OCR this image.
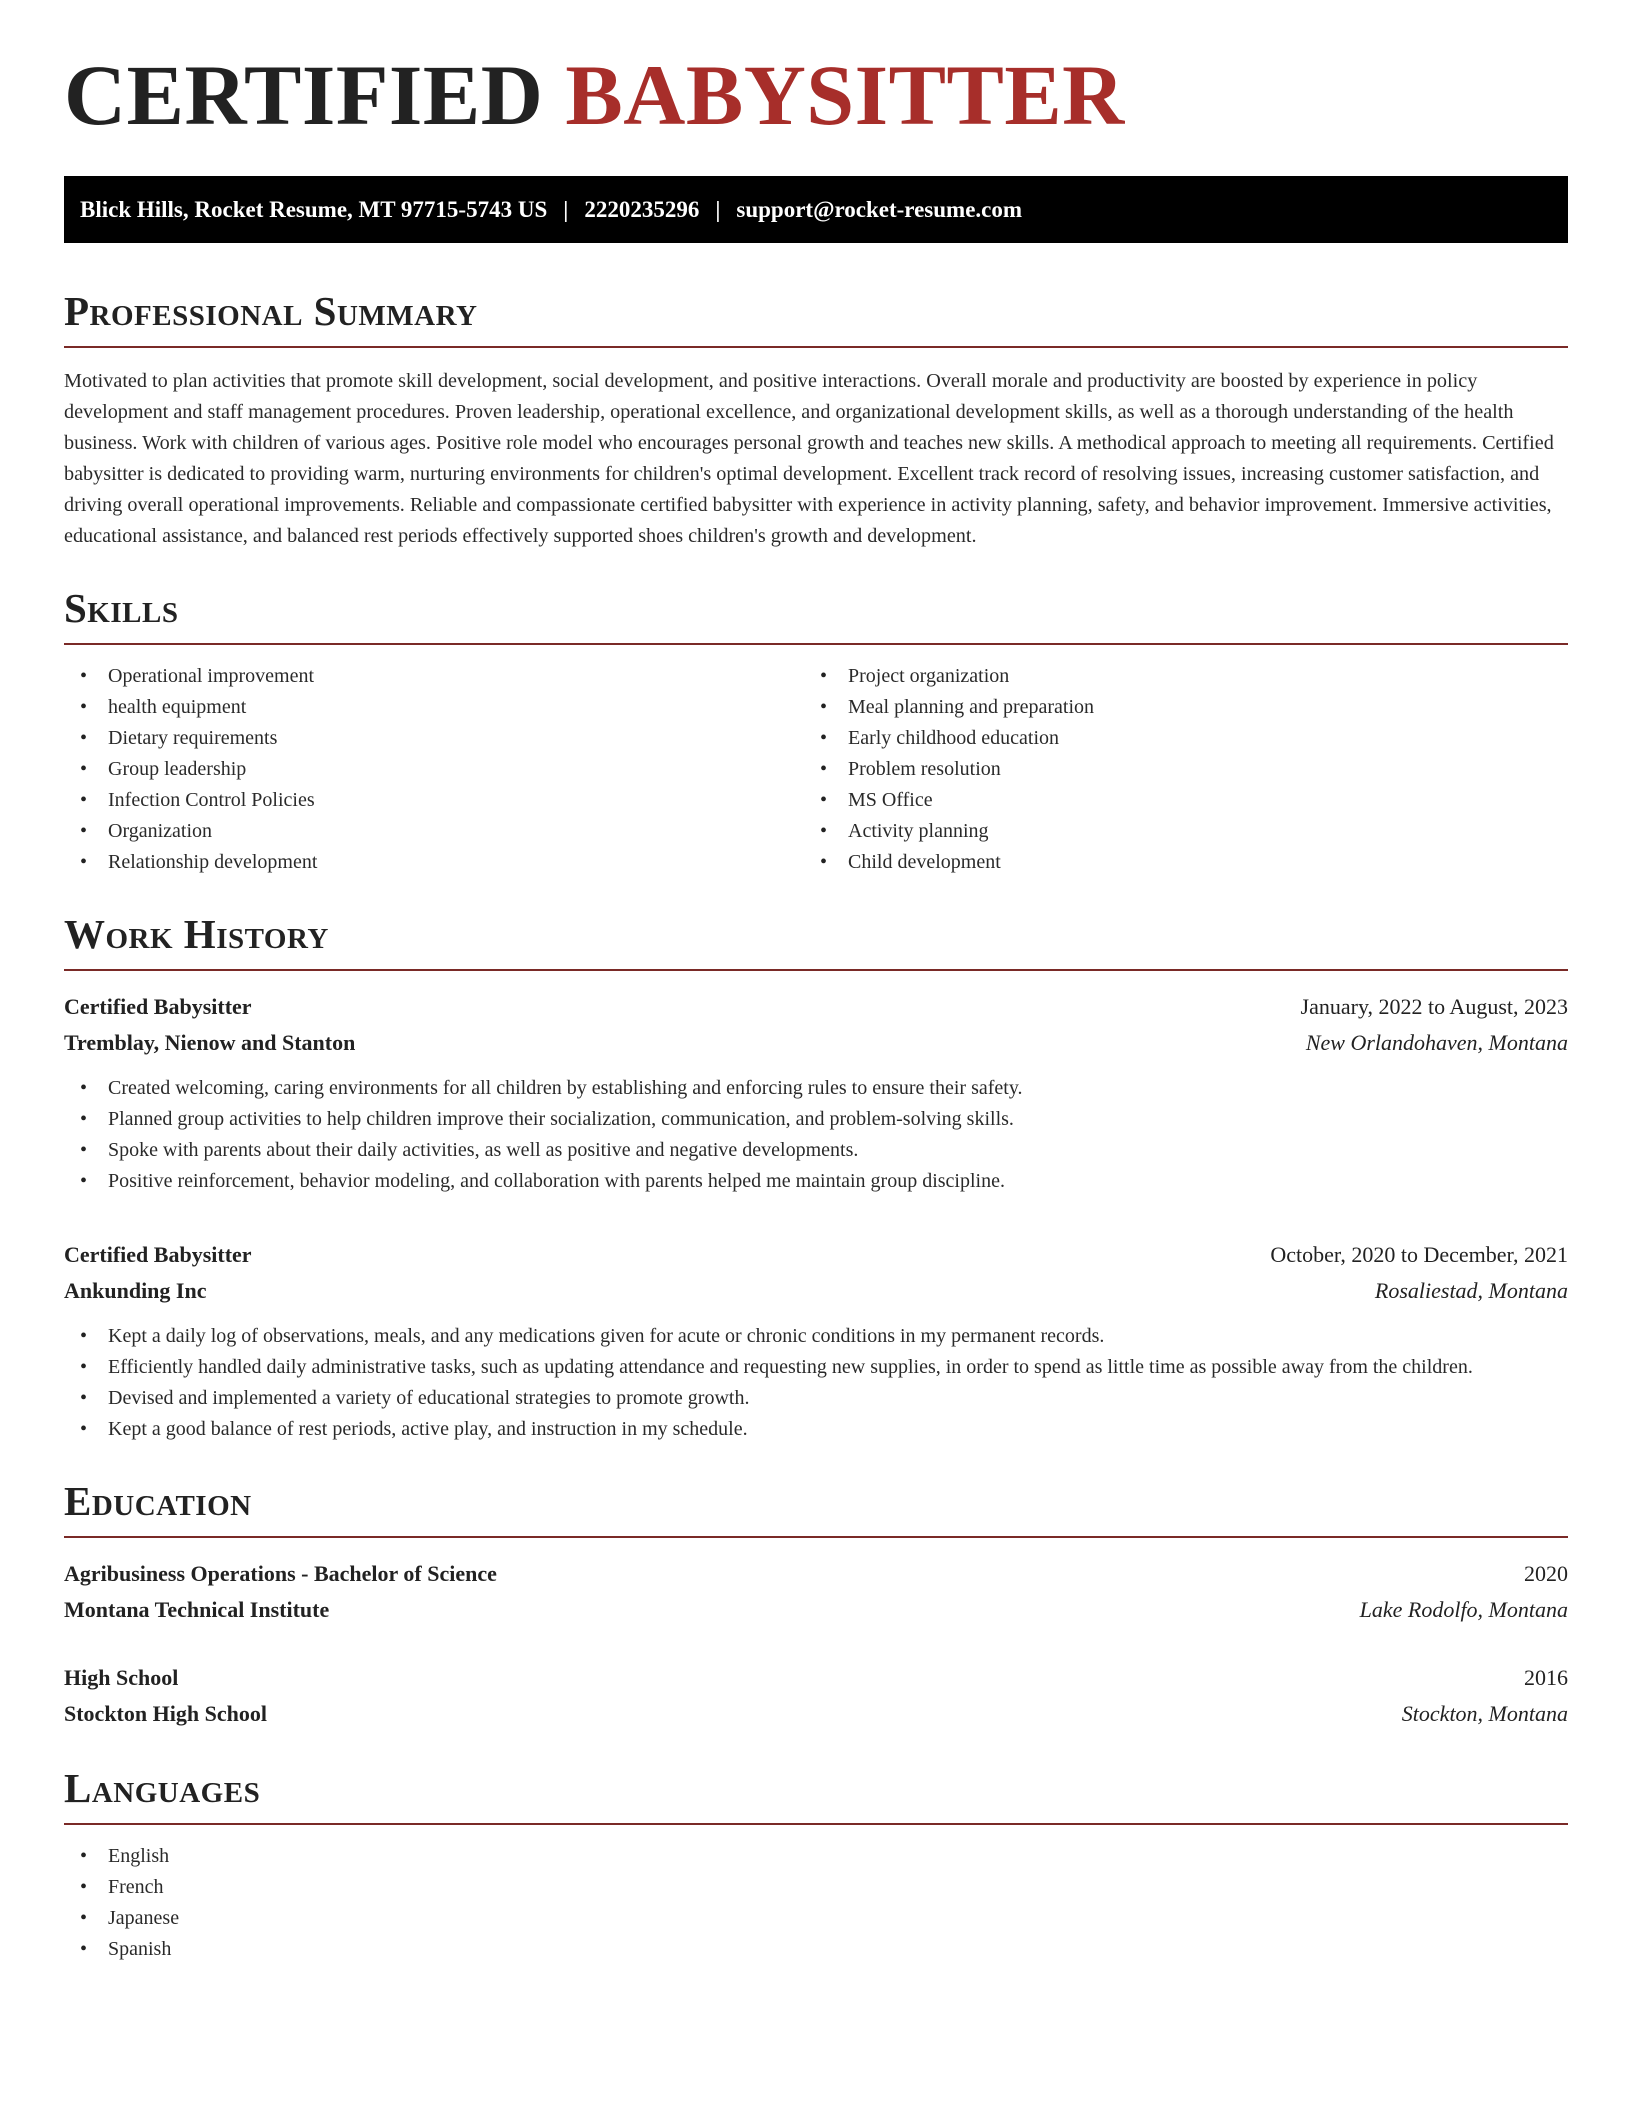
CERTIFIED BABYSITTER
Blick Hills, Rocket Resume, MT 97715-5743 US | 2220235296 | support@rocket-resume.com
Professional Summary

Motivated to plan activities that promote skill development, social development, and positive interactions. Overall morale and productivity are boosted by experience in policy development and staff management procedures. Proven leadership, operational excellence, and organizational development skills, as well as a thorough understanding of the health business. Work with children of various ages. Positive role model who encourages personal growth and teaches new skills. A methodical approach to meeting all requirements. Certified babysitter is dedicated to providing warm, nurturing environments for children's optimal development. Excellent track record of resolving issues, increasing customer satisfaction, and driving overall operational improvements. Reliable and compassionate certified babysitter with experience in activity planning, safety, and behavior improvement. Immersive activities, educational assistance, and balanced rest periods effectively supported shoes children's growth and development.

Skills
• Operational improvement
• health equipment
• Dietary requirements
• Group leadership
• Infection Control Policies
• Organization
• Relationship development
• Project organization
• Meal planning and preparation
• Early childhood education
• Problem resolution
• MS Office
• Activity planning
• Child development
Work History
Certified Babysitter	January, 2022 to August, 2023
Tremblay, Nienow and Stanton	New Orlandohaven, Montana
• Created welcoming, caring environments for all children by establishing and enforcing rules to ensure their safety.
• Planned group activities to help children improve their socialization, communication, and problem-solving skills.
• Spoke with parents about their daily activities, as well as positive and negative developments.
• Positive reinforcement, behavior modeling, and collaboration with parents helped me maintain group discipline.
Certified Babysitter	October, 2020 to December, 2021
Ankunding Inc	Rosaliestad, Montana
• Kept a daily log of observations, meals, and any medications given for acute or chronic conditions in my permanent records.
• Efficiently handled daily administrative tasks, such as updating attendance and requesting new supplies, in order to spend as little time as possible away from the children.
• Devised and implemented a variety of educational strategies to promote growth.
• Kept a good balance of rest periods, active play, and instruction in my schedule.
Education
Agribusiness Operations - Bachelor of Science	2020
Montana Technical Institute	Lake Rodolfo, Montana
High School	2016
Stockton High School	Stockton, Montana
Languages
• English
• French
• Japanese
• Spanish
